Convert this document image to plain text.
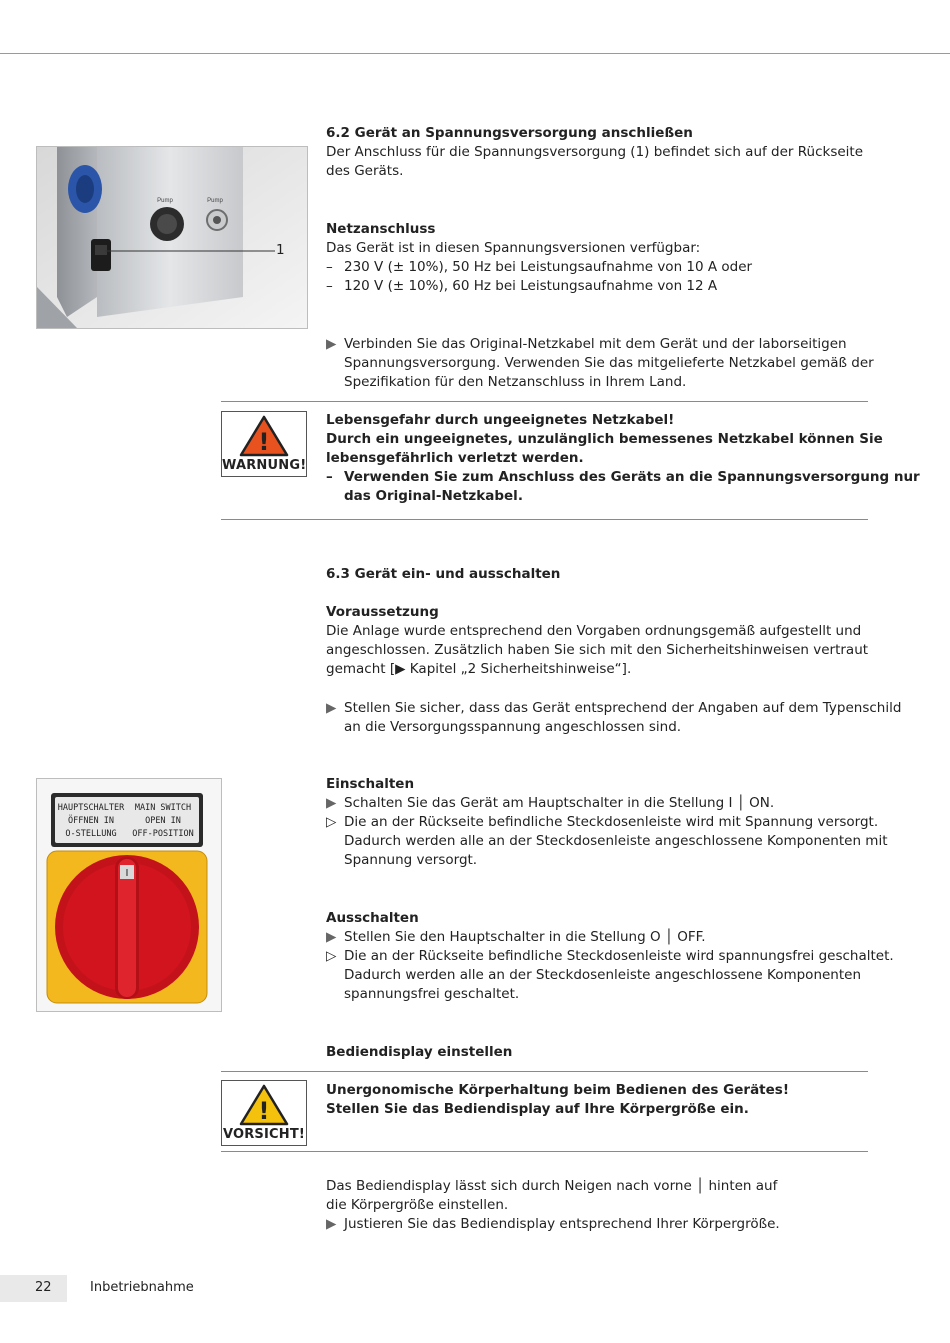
Pump	Pump
1
6.2 Gerät an Spannungsversorgung anschließen
Der Anschluss für die Spannungsversorgung (1) befindet sich auf der Rückseite
des Geräts.
Netzanschluss
Das Gerät ist in diesen Spannungsversionen verfügbar:
– 230 V (± 10%), 50 Hz bei Leistungsaufnahme von 10 A oder
– 120 V (± 10%), 60 Hz bei Leistungsaufnahme von 12 A
▶ Verbinden Sie das Original-Netzkabel mit dem Gerät und der laborseitigen
Spannungsversorgung. Verwenden Sie das mitgelieferte Netzkabel gemäß der
Spezifikation für den Netzanschluss in Ihrem Land.
!
WARNUNG!
Lebensgefahr durch ungeeignetes Netzkabel!
Durch ein ungeeignetes, unzulänglich bemessenes Netzkabel können Sie
lebensgefährlich verletzt werden.
– Verwenden Sie zum Anschluss des Geräts an die Spannungsversorgung nur
das Original-Netzkabel.
6.3 Gerät ein- und ausschalten
Voraussetzung
Die Anlage wurde entsprechend den Vorgaben ordnungsgemäß aufgestellt und
angeschlossen. Zusätzlich haben Sie sich mit den Sicherheitshinweisen vertraut
gemacht [▶ Kapitel „2 Sicherheitshinweise“].
▶ Stellen Sie sicher, dass das Gerät entsprechend der Angaben auf dem Typenschild
an die Versorgungsspannung angeschlossen sind.
HAUPTSCHALTER
ÖFFNEN IN
O-STELLUNG
MAIN SWITCH
OPEN IN
OFF-POSITION
I
Einschalten
▶ Schalten Sie das Gerät am Hauptschalter in die Stellung I │ ON.
▷ Die an der Rückseite befindliche Steckdosenleiste wird mit Spannung versorgt.
Dadurch werden alle an der Steckdosenleiste angeschlossene Komponenten mit
Spannung versorgt.
Ausschalten
▶ Stellen Sie den Hauptschalter in die Stellung O │ OFF.
▷ Die an der Rückseite befindliche Steckdosenleiste wird spannungsfrei geschaltet.
Dadurch werden alle an der Steckdosenleiste angeschlossene Komponenten
spannungsfrei geschaltet.
Bediendisplay einstellen
!
VORSICHT!
Unergonomische Körperhaltung beim Bedienen des Gerätes!
Stellen Sie das Bediendisplay auf Ihre Körpergröße ein.
Das Bediendisplay lässt sich durch Neigen nach vorne │ hinten auf
die Körpergröße einstellen.
▶ Justieren Sie das Bediendisplay entsprechend Ihrer Körpergröße.
22	Inbetriebnahme
